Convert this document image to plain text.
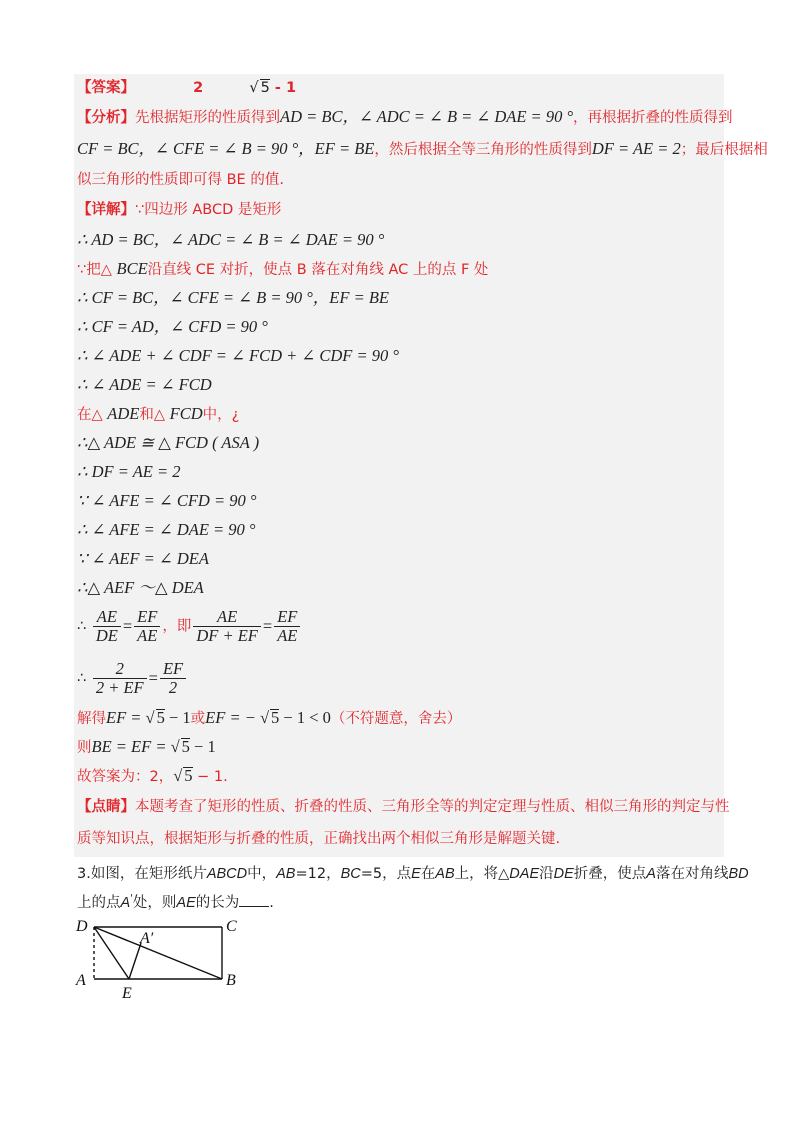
【答案】	2	√ 5 - 1
【分析】先根据矩形的性质得到AD = BC，∠ ADC = ∠ B = ∠ DAE = 90 °，再根据折叠的性质得到
CF = BC，∠ CFE = ∠ B = 90 °，EF = BE，然后根据全等三角形的性质得到DF = AE = 2；最后根据相
似三角形的性质即可得 BE 的值.
【详解】∵四边形 ABCD 是矩形
∴ AD = BC，∠ ADC = ∠ B = ∠ DAE = 90 °
∵把△ BCE沿直线 CE 对折，使点 B 落在对角线 AC 上的点 F 处
∴ CF = BC，∠ CFE = ∠ B = 90 °，EF = BE
∴ CF = AD，∠ CFD = 90 °
∴ ∠ ADE + ∠ CDF = ∠ FCD + ∠ CDF = 90 °
∴ ∠ ADE = ∠ FCD
在△ ADE和△ FCD中，¿
∴△ ADE ≅ △ FCD ( ASA )
∴ DF = AE = 2
∵ ∠ AFE = ∠ CFD = 90 °
∴ ∠ AFE = ∠ DAE = 90 °
∵ ∠ AEF = ∠ DEA
∴△ AEF ～△ DEA
∴ $\frac{AE}{DE} = \frac{EF}{AE}$ ，即 $\frac{AE}{DF + EF} = \frac{EF}{AE}$
∴ $\frac{2}{2 + EF} = \frac{EF}{2}$
解得EF = √ 5 − 1或EF = − √ 5 − 1 < 0（不符题意，舍去）
则BE = EF = √ 5 − 1
故答案为：2，√ 5 − 1.
【点睛】本题考查了矩形的性质、折叠的性质、三角形全等的判定定理与性质、相似三角形的判定与性
质等知识点，根据矩形与折叠的性质，正确找出两个相似三角形是解题关键.
3.如图，在矩形纸片ABCD中，AB=12，BC=5，点E在AB上，将△DAE沿DE折叠，使点A落在对角线BD
上的点A'处，则AE的长为 .
D	C
A′
A
E
B
